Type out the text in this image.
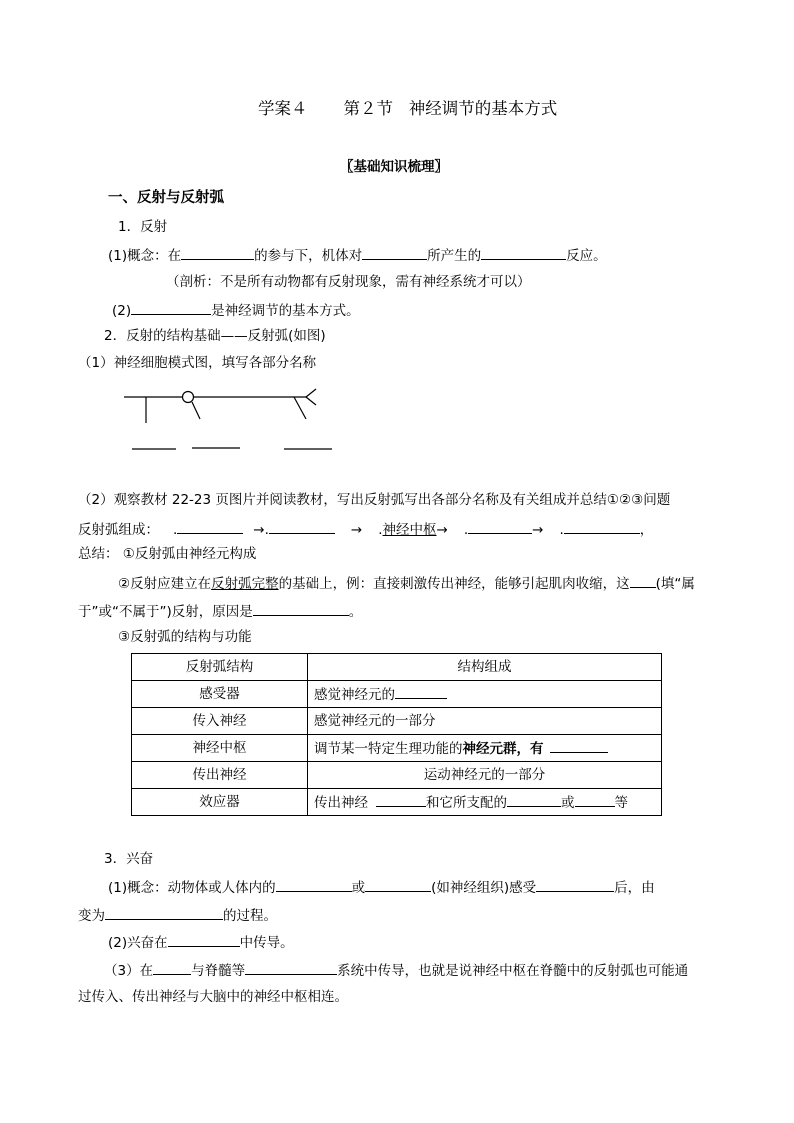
学案４ 第２节 神经调节的基本方式
〖基础知识梳理〗
一、反射与反射弧
1．反射
(1)概念：在	的参与下，机体对	所产生的	反应。
（剖析：不是所有动物都有反射现象，需有神经系统才可以）
(2)	是神经调节的基本方式。
2．反射的结构基础——反射弧(如图)
（1）神经细胞模式图，填写各部分名称
（2）观察教材 22-23 页图片并阅读教材，写出反射弧写出各部分名称及有关组成并总结①②③问题
反射弧组成： .	→.	→ .神经中枢→ .	→ .	，
总结： ①反射弧由神经元构成
②反射应建立在反射弧完整的基础上，例：直接刺激传出神经，能够引起肌肉收缩，这 (填“属
于”或“不属于”)反射，原因是	。
③反射弧的结构与功能
反射弧结构	结构组成
感受器	感觉神经元的
传入神经	感觉神经元的一部分
神经中枢	调节某一特定生理功能的神经元群，有
传出神经	运动神经元的一部分
效应器	传出神经 和它所支配的 或 等
3．兴奋
(1)概念：动物体或人体内的	或	(如神经组织)感受	后，由
变为	的过程。
(2)兴奋在	中传导。
（3）在	与脊髓等	系统中传导，也就是说神经中枢在脊髓中的反射弧也可能通
过传入、传出神经与大脑中的神经中枢相连。
